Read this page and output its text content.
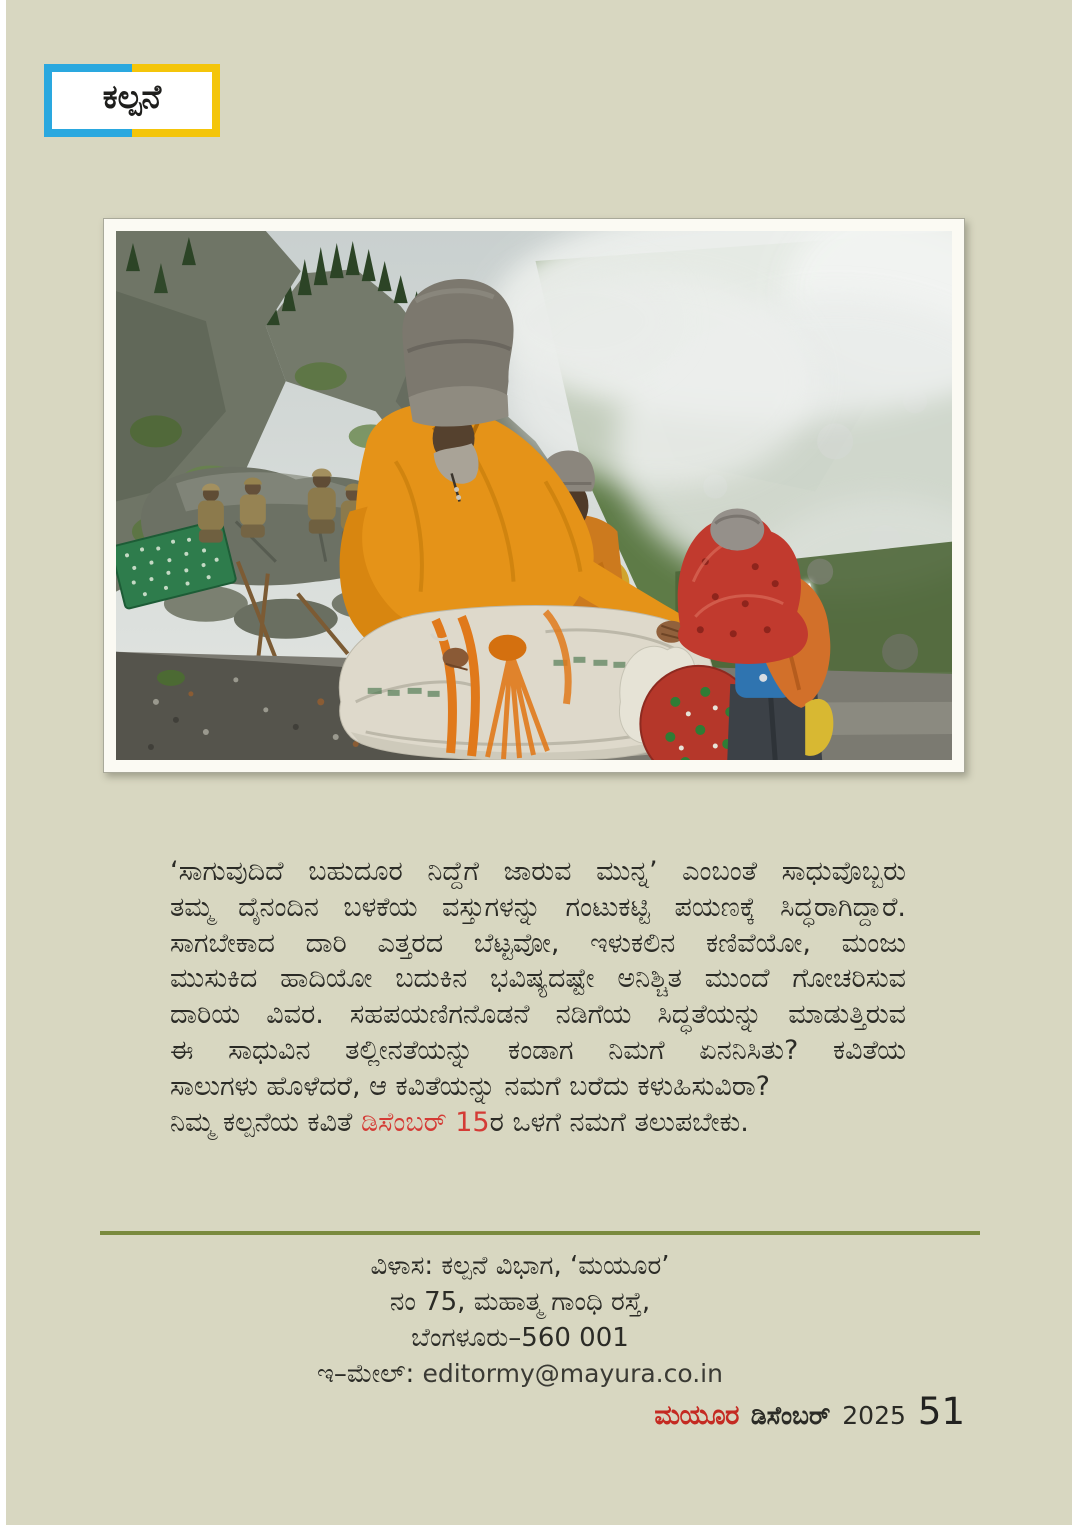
ಕಲ್ಪನೆ
‘ಸಾಗುವುದಿದೆ ಬಹುದೂರ ನಿದ್ದೆಗೆ ಜಾರುವ ಮುನ್ನ’ ಎಂಬಂತೆ ಸಾಧುವೊಬ್ಬರು
ತಮ್ಮ ದೈನಂದಿನ ಬಳಕೆಯ ವಸ್ತುಗಳನ್ನು ಗಂಟುಕಟ್ಟಿ ಪಯಣಕ್ಕೆ ಸಿದ್ಧರಾಗಿದ್ದಾರೆ.
ಸಾಗಬೇಕಾದ ದಾರಿ ಎತ್ತರದ ಬೆಟ್ಟವೋ, ಇಳುಕಲಿನ ಕಣಿವೆಯೋ, ಮಂಜು
ಮುಸುಕಿದ ಹಾದಿಯೋ ಬದುಕಿನ ಭವಿಷ್ಯದಷ್ಟೇ ಅನಿಶ್ಚಿತ ಮುಂದೆ ಗೋಚರಿಸುವ
ದಾರಿಯ ವಿವರ. ಸಹಪಯಣಿಗನೊಡನೆ ನಡಿಗೆಯ ಸಿದ್ಧತೆಯನ್ನು ಮಾಡುತ್ತಿರುವ
ಈ ಸಾಧುವಿನ ತಲ್ಲೀನತೆಯನ್ನು ಕಂಡಾಗ ನಿಮಗೆ ಏನನಿಸಿತು? ಕವಿತೆಯ
ಸಾಲುಗಳು ಹೊಳೆದರೆ, ಆ ಕವಿತೆಯನ್ನು ನಮಗೆ ಬರೆದು ಕಳುಹಿಸುವಿರಾ?
ನಿಮ್ಮ ಕಲ್ಪನೆಯ ಕವಿತೆ ಡಿಸೆಂಬರ್ 15ರ ಒಳಗೆ ನಮಗೆ ತಲುಪಬೇಕು.
ವಿಳಾಸ: ಕಲ್ಪನೆ ವಿಭಾಗ, ‘ಮಯೂರ’
ನಂ 75, ಮಹಾತ್ಮ ಗಾಂಧಿ ರಸ್ತೆ,
ಬೆಂಗಳೂರು–560 001
ಇ–ಮೇಲ್: editormy@mayura.co.in
ಮಯೂರ ಡಿಸೆಂಬರ್ 2025 51
